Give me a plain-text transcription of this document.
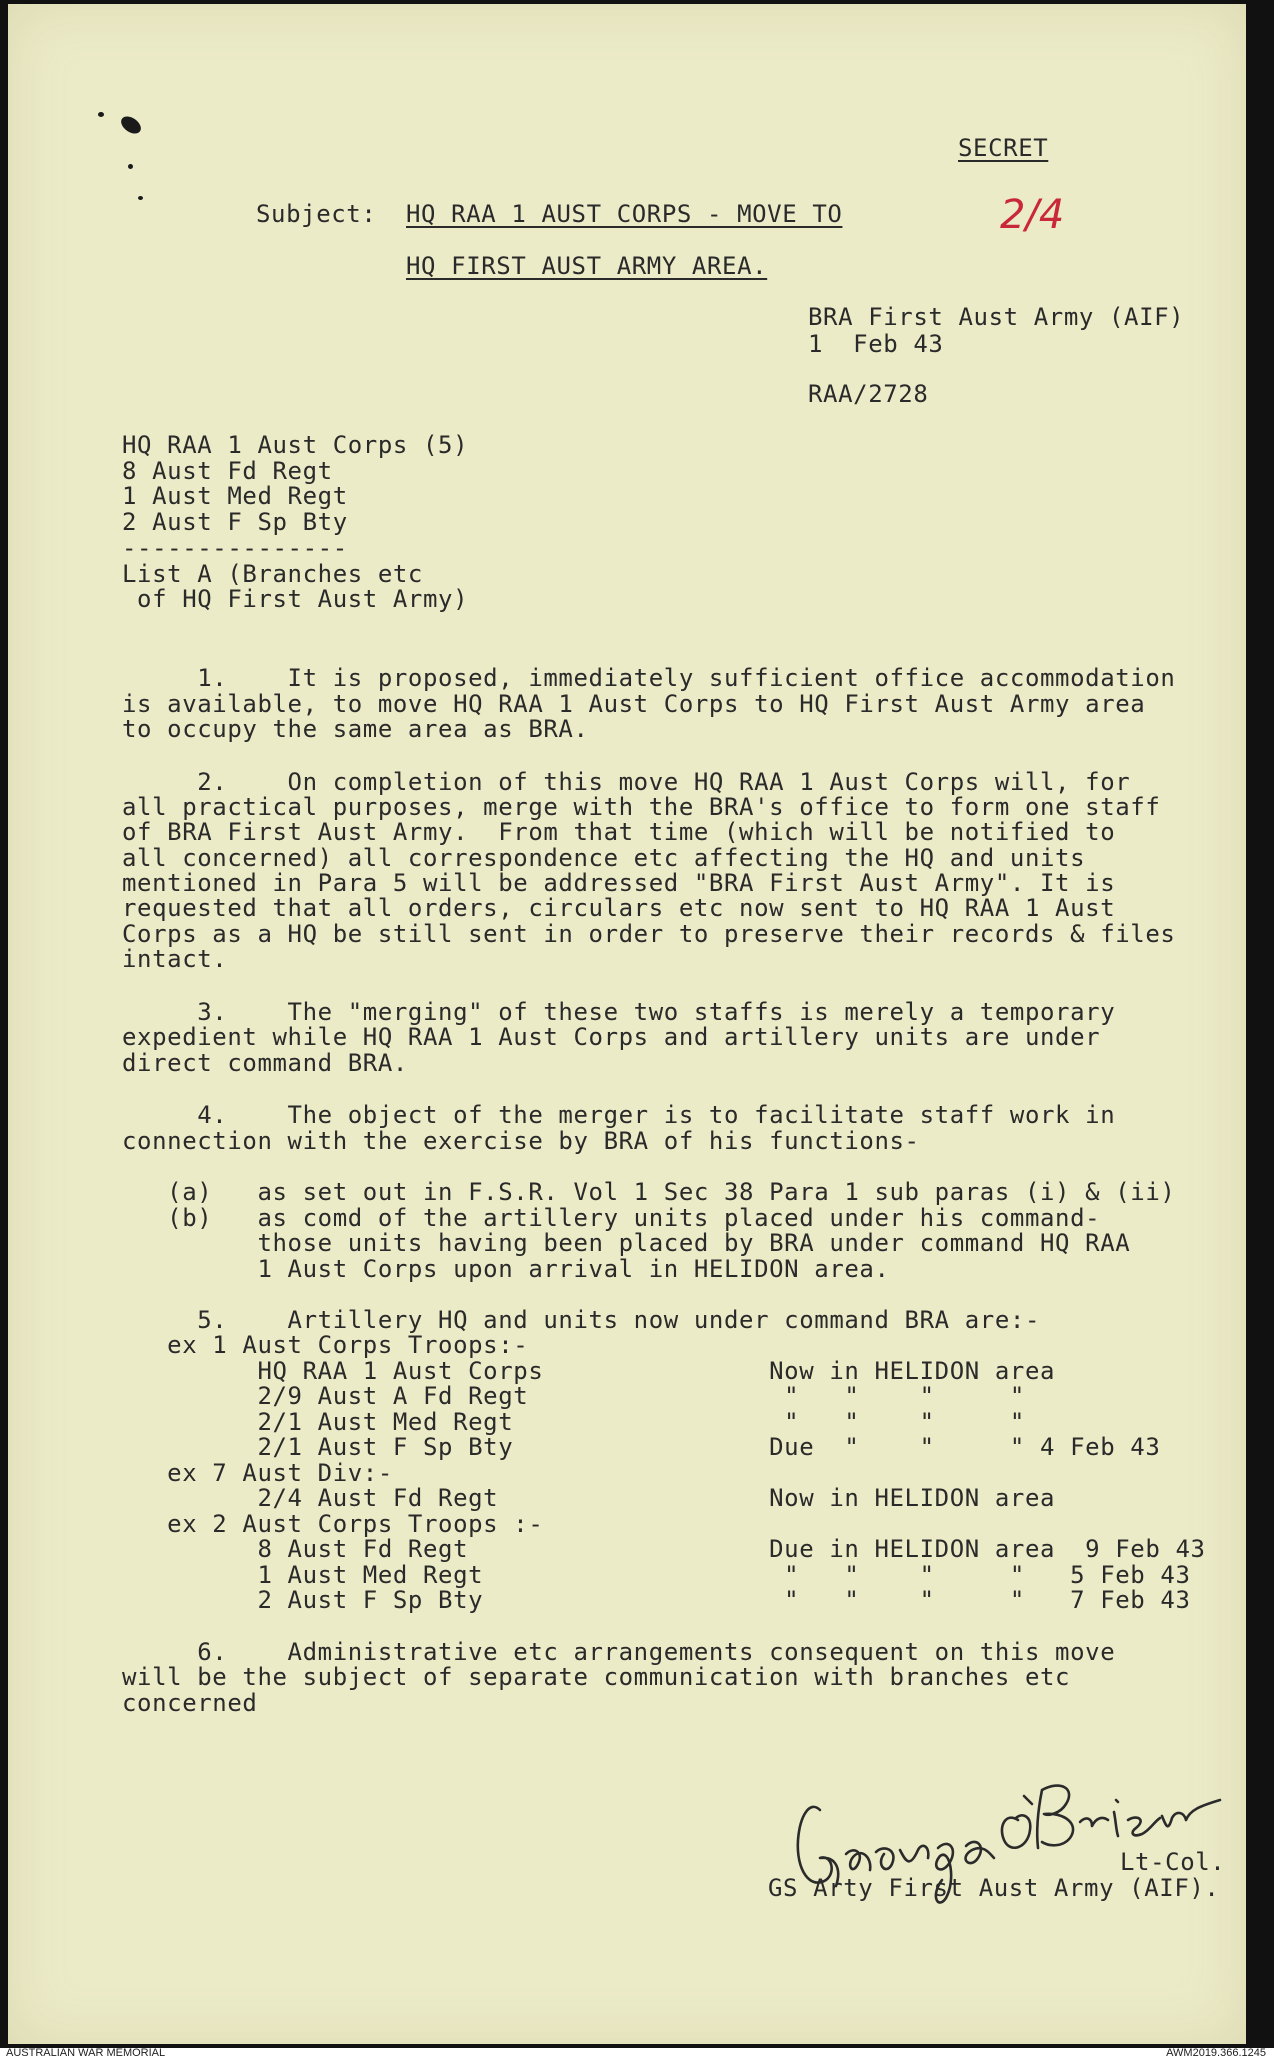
SECRET
2/4
Subject: HQ RAA 1 AUST CORPS - MOVE TO
HQ FIRST AUST ARMY AREA.
BRA First Aust Army (AIF)
1  Feb 43
RAA/2728
HQ RAA 1 Aust Corps (5)
8 Aust Fd Regt
1 Aust Med Regt
2 Aust F Sp Bty
---------------
List A (Branches etc
of HQ First Aust Army)
1.    It is proposed, immediately sufficient office accommodation
is available, to move HQ RAA 1 Aust Corps to HQ First Aust Army area
to occupy the same area as BRA.
2.    On completion of this move HQ RAA 1 Aust Corps will, for
all practical purposes, merge with the BRA's office to form one staff
of BRA First Aust Army.  From that time (which will be notified to
all concerned) all correspondence etc affecting the HQ and units
mentioned in Para 5 will be addressed "BRA First Aust Army". It is
requested that all orders, circulars etc now sent to HQ RAA 1 Aust
Corps as a HQ be still sent in order to preserve their records & files
intact.
3.    The "merging" of these two staffs is merely a temporary
expedient while HQ RAA 1 Aust Corps and artillery units are under
direct command BRA.
4.    The object of the merger is to facilitate staff work in
connection with the exercise by BRA of his functions-
(a)   as set out in F.S.R. Vol 1 Sec 38 Para 1 sub paras (i) & (ii)
(b)   as comd of the artillery units placed under his command-
those units having been placed by BRA under command HQ RAA
1 Aust Corps upon arrival in HELIDON area.
5.    Artillery HQ and units now under command BRA are:-
ex 1 Aust Corps Troops:-
HQ RAA 1 Aust Corps               Now in HELIDON area
2/9 Aust A Fd Regt                 "   "    "     "
2/1 Aust Med Regt                  "   "    "     "
2/1 Aust F Sp Bty                 Due  "    "     " 4 Feb 43
ex 7 Aust Div:-
2/4 Aust Fd Regt                  Now in HELIDON area
ex 2 Aust Corps Troops :-
8 Aust Fd Regt                    Due in HELIDON area  9 Feb 43
1 Aust Med Regt                    "   "    "     "   5 Feb 43
2 Aust F Sp Bty                    "   "    "     "   7 Feb 43
6.    Administrative etc arrangements consequent on this move
will be the subject of separate communication with branches etc
concerned
Lt-Col.
GS Arty First Aust Army (AIF).
AUSTRALIAN WAR MEMORIAL	AWM2019.366.1245
